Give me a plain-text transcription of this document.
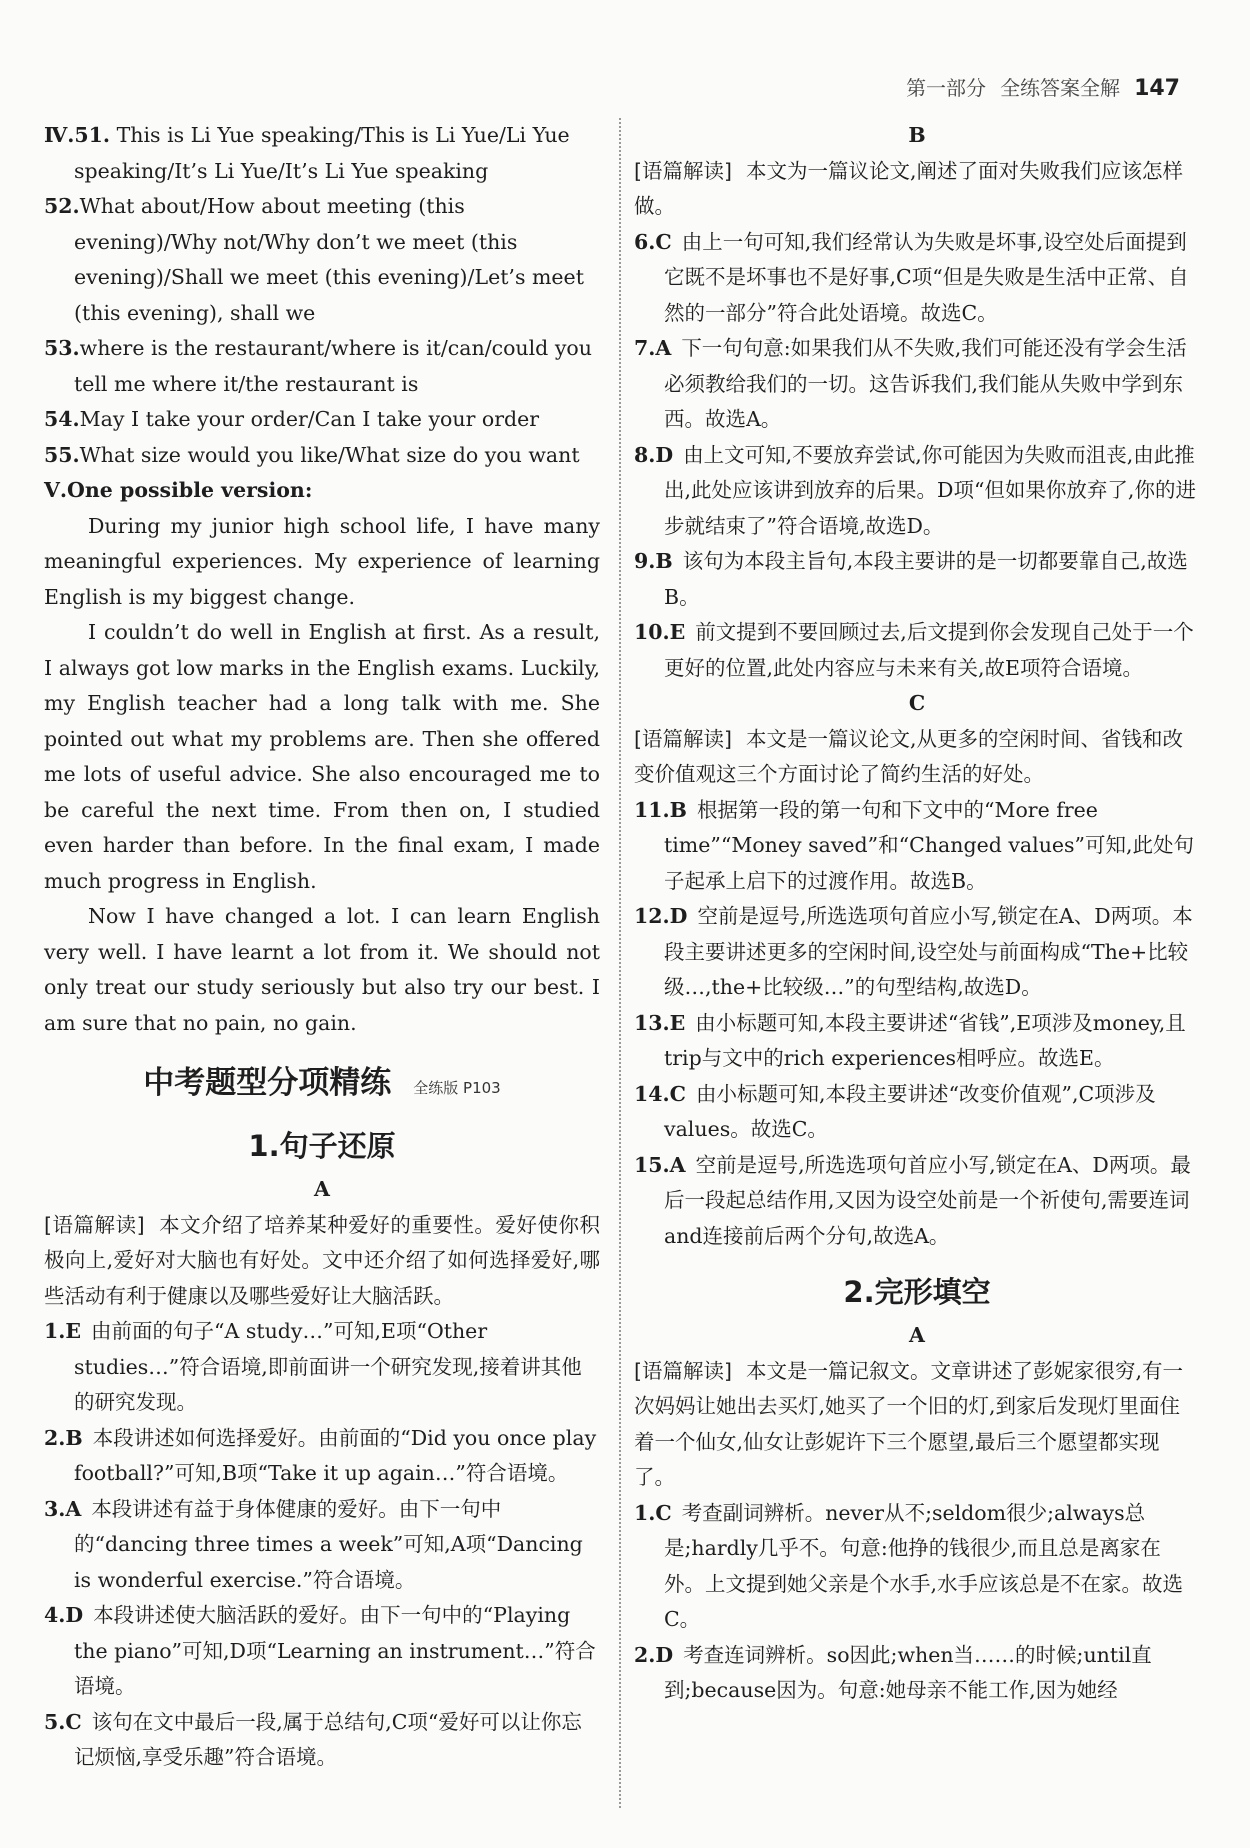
第一部分 全练答案全解 147

Ⅳ.51. This is Li Yue speaking/This is Li Yue/Li Yue speaking/It’s Li Yue/It’s Li Yue speaking

52.What about/How about meeting (this evening)/Why not/Why don’t we meet (this evening)/Shall we meet (this evening)/Let’s meet (this evening), shall we

53.where is the restaurant/where is it/can/could you tell me where it/the restaurant is

54.May I take your order/Can I take your order

55.What size would you like/What size do you want

Ⅴ.One possible version:

During my junior high school life, I have many meaningful experiences. My experience of learning English is my biggest change.

I couldn’t do well in English at first. As a result, I always got low marks in the English exams. Luckily, my English teacher had a long talk with me. She pointed out what my problems are. Then she offered me lots of useful advice. She also encouraged me to be careful the next time. From then on, I studied even harder than before. In the final exam, I made much progress in English.

Now I have changed a lot. I can learn English very well. I have learnt a lot from it. We should not only treat our study seriously but also try our best. I am sure that no pain, no gain.

中考题型分项精练 全练版 P103
1.句子还原
A

[语篇解读] 本文介绍了培养某种爱好的重要性。爱好使你积极向上,爱好对大脑也有好处。文中还介绍了如何选择爱好,哪些活动有利于健康以及哪些爱好让大脑活跃。

1.E 由前面的句子“A study…”可知,E项“Other studies…”符合语境,即前面讲一个研究发现,接着讲其他的研究发现。

2.B 本段讲述如何选择爱好。由前面的“Did you once play football?”可知,B项“Take it up again…”符合语境。

3.A 本段讲述有益于身体健康的爱好。由下一句中的“dancing three times a week”可知,A项“Dancing is wonderful exercise.”符合语境。

4.D 本段讲述使大脑活跃的爱好。由下一句中的“Playing the piano”可知,D项“Learning an instrument…”符合语境。

5.C 该句在文中最后一段,属于总结句,C项“爱好可以让你忘记烦恼,享受乐趣”符合语境。

B

[语篇解读] 本文为一篇议论文,阐述了面对失败我们应该怎样做。

6.C 由上一句可知,我们经常认为失败是坏事,设空处后面提到它既不是坏事也不是好事,C项“但是失败是生活中正常、自然的一部分”符合此处语境。故选C。

7.A 下一句句意:如果我们从不失败,我们可能还没有学会生活必须教给我们的一切。这告诉我们,我们能从失败中学到东西。故选A。

8.D 由上文可知,不要放弃尝试,你可能因为失败而沮丧,由此推出,此处应该讲到放弃的后果。D项“但如果你放弃了,你的进步就结束了”符合语境,故选D。

9.B 该句为本段主旨句,本段主要讲的是一切都要靠自己,故选B。

10.E 前文提到不要回顾过去,后文提到你会发现自己处于一个更好的位置,此处内容应与未来有关,故E项符合语境。

C

[语篇解读] 本文是一篇议论文,从更多的空闲时间、省钱和改变价值观这三个方面讨论了简约生活的好处。

11.B 根据第一段的第一句和下文中的“More free time”“Money saved”和“Changed values”可知,此处句子起承上启下的过渡作用。故选B。

12.D 空前是逗号,所选选项句首应小写,锁定在A、D两项。本段主要讲述更多的空闲时间,设空处与前面构成“The+比较级…,the+比较级…”的句型结构,故选D。

13.E 由小标题可知,本段主要讲述“省钱”,E项涉及money,且trip与文中的rich experiences相呼应。故选E。

14.C 由小标题可知,本段主要讲述“改变价值观”,C项涉及values。故选C。

15.A 空前是逗号,所选选项句首应小写,锁定在A、D两项。最后一段起总结作用,又因为设空处前是一个祈使句,需要连词and连接前后两个分句,故选A。

2.完形填空
A

[语篇解读] 本文是一篇记叙文。文章讲述了彭妮家很穷,有一次妈妈让她出去买灯,她买了一个旧的灯,到家后发现灯里面住着一个仙女,仙女让彭妮许下三个愿望,最后三个愿望都实现了。

1.C 考查副词辨析。never从不;seldom很少;always总是;hardly几乎不。句意:他挣的钱很少,而且总是离家在外。上文提到她父亲是个水手,水手应该总是不在家。故选C。

2.D 考查连词辨析。so因此;when当……的时候;until直到;because因为。句意:她母亲不能工作,因为她经
